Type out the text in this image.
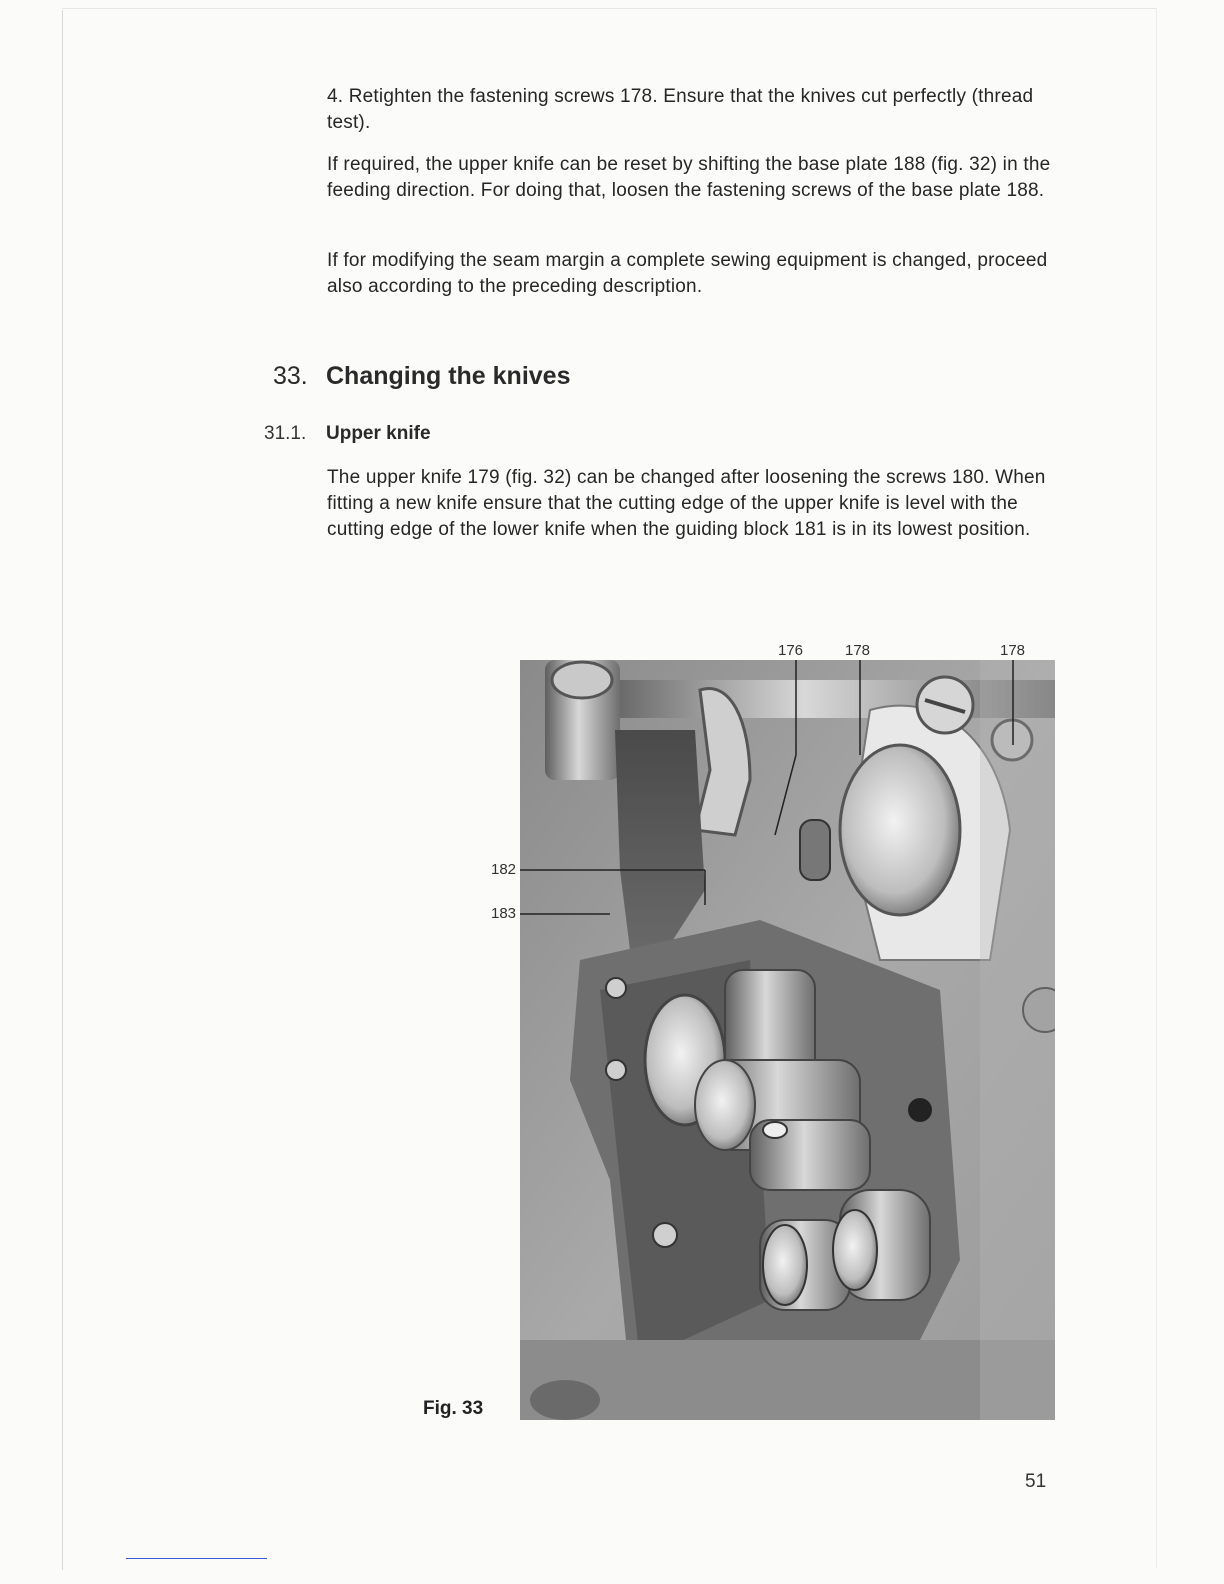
4. Retighten the fastening screws 178. Ensure that the knives cut perfectly (thread test).

If required, the upper knife can be reset by shifting the base plate 188 (fig. 32) in the feeding direction. For doing that, loosen the fastening screws of the base plate 188.

If for modifying the seam margin a complete sewing equipment is changed, proceed also according to the preceding description.

33. Changing the knives
31.1. Upper knife

The upper knife 179 (fig. 32) can be changed after loosening the screws 180. When fitting a new knife ensure that the cutting edge of the upper knife is level with the cutting edge of the lower knife when the guiding block 181 is in its lowest position.

176	178	178
182
183
Fig. 33
51
